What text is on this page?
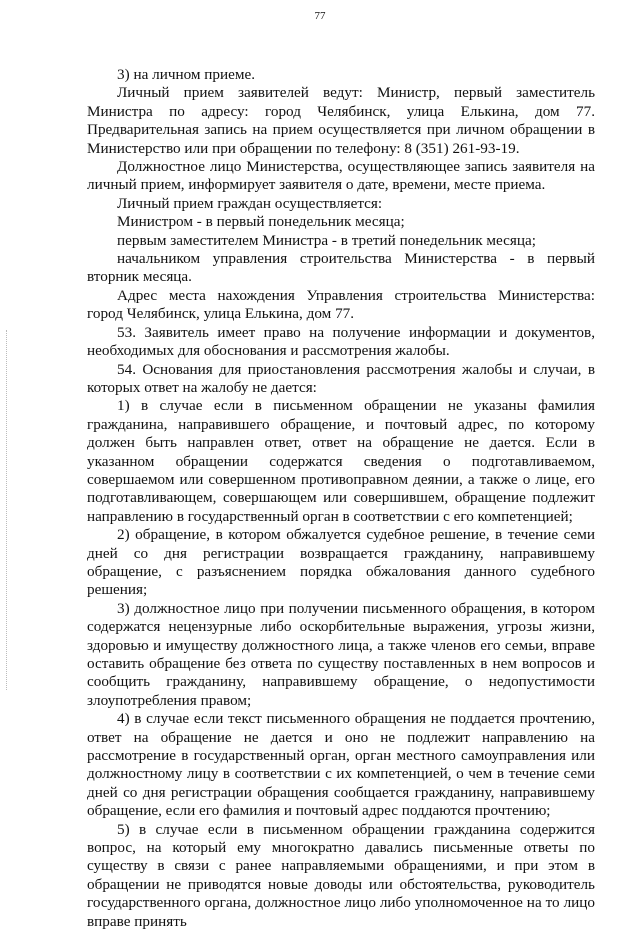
77

3) на личном приеме.

Личный прием заявителей ведут: Министр, первый заместитель Министра по адресу: город Челябинск, улица Елькина, дом 77. Предварительная запись на прием осуществляется при личном обращении в Министерство или при обращении по телефону: 8 (351) 261-93-19.

Должностное лицо Министерства, осуществляющее запись заявителя на личный прием, информирует заявителя о дате, времени, месте приема.

Личный прием граждан осуществляется:

Министром - в первый понедельник месяца;

первым заместителем Министра - в третий понедельник месяца;

начальником управления строительства Министерства - в первый вторник месяца.

Адрес места нахождения Управления строительства Министерства: город Челябинск, улица Елькина, дом 77.

53. Заявитель имеет право на получение информации и документов, необходимых для обоснования и рассмотрения жалобы.

54. Основания для приостановления рассмотрения жалобы и случаи, в которых ответ на жалобу не дается:

1) в случае если в письменном обращении не указаны фамилия гражданина, направившего обращение, и почтовый адрес, по которому должен быть направлен ответ, ответ на обращение не дается. Если в указанном обращении содержатся сведения о подготавливаемом, совершаемом или совершенном противоправном деянии, а также о лице, его подготавливающем, совершающем или совершившем, обращение подлежит направлению в государственный орган в соответствии с его компетенцией;

2) обращение, в котором обжалуется судебное решение, в течение семи дней со дня регистрации возвращается гражданину, направившему обращение, с разъяснением порядка обжалования данного судебного решения;

3) должностное лицо при получении письменного обращения, в котором содержатся нецензурные либо оскорбительные выражения, угрозы жизни, здоровью и имуществу должностного лица, а также членов его семьи, вправе оставить обращение без ответа по существу поставленных в нем вопросов и сообщить гражданину, направившему обращение, о недопустимости злоупотребления правом;

4) в случае если текст письменного обращения не поддается прочтению, ответ на обращение не дается и оно не подлежит направлению на рассмотрение в государственный орган, орган местного самоуправления или должностному лицу в соответствии с их компетенцией, о чем в течение семи дней со дня регистрации обращения сообщается гражданину, направившему обращение, если его фамилия и почтовый адрес поддаются прочтению;

5) в случае если в письменном обращении гражданина содержится вопрос, на который ему многократно давались письменные ответы по существу в связи с ранее направляемыми обращениями, и при этом в обращении не приводятся новые доводы или обстоятельства, руководитель государственного органа, должностное лицо либо уполномоченное на то лицо вправе принять
